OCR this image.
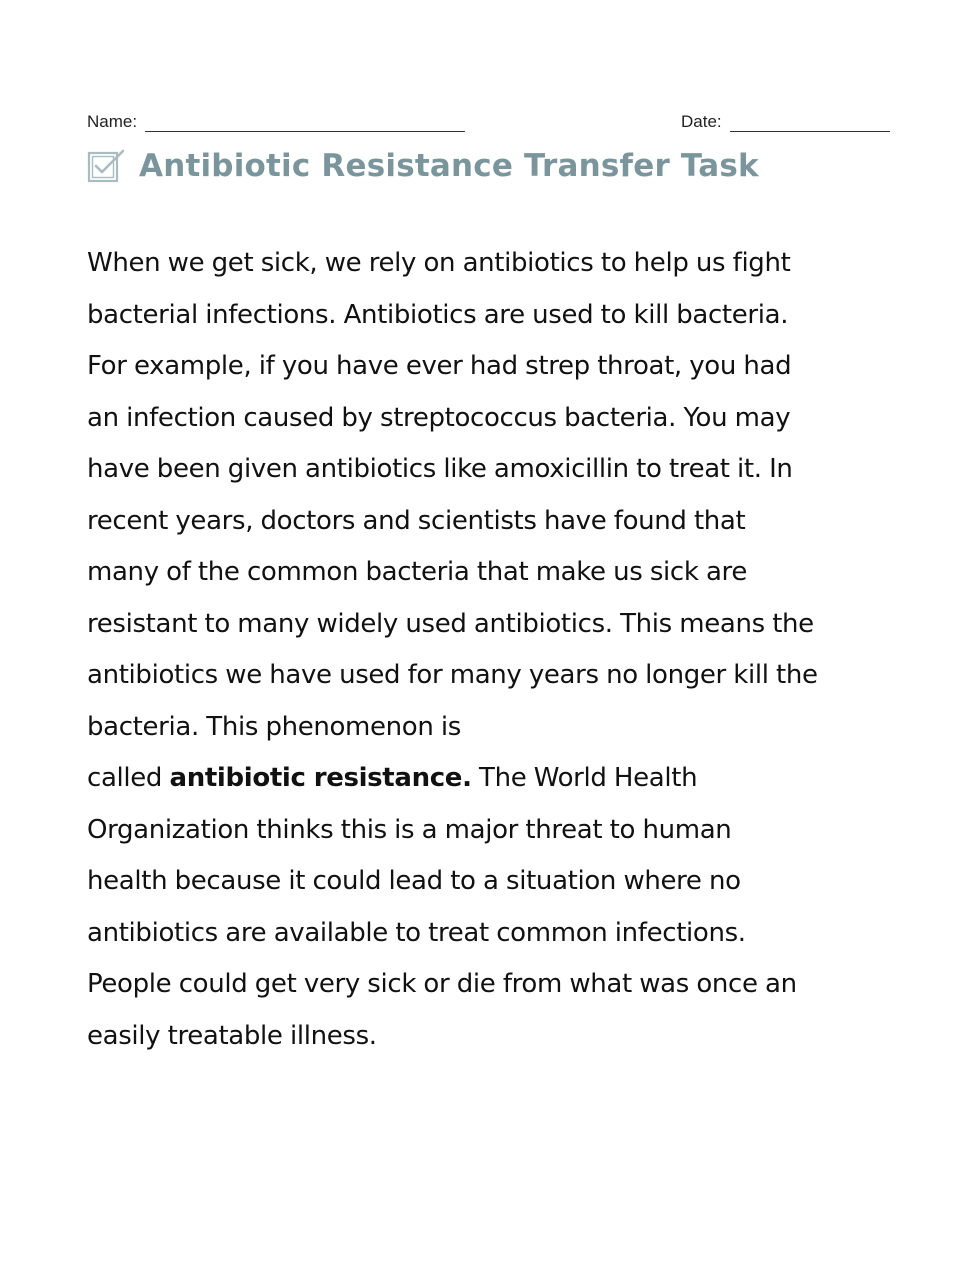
Name:	Date:
Antibiotic Resistance Transfer Task
When we get sick, we rely on antibiotics to help us fight
bacterial infections. Antibiotics are used to kill bacteria.
For example, if you have ever had strep throat, you had
an infection caused by streptococcus bacteria. You may
have been given antibiotics like amoxicillin to treat it. In
recent years, doctors and scientists have found that
many of the common bacteria that make us sick are
resistant to many widely used antibiotics. This means the
antibiotics we have used for many years no longer kill the
bacteria. This phenomenon is
called antibiotic resistance. The World Health
Organization thinks this is a major threat to human
health because it could lead to a situation where no
antibiotics are available to treat common infections.
People could get very sick or die from what was once an
easily treatable illness.
